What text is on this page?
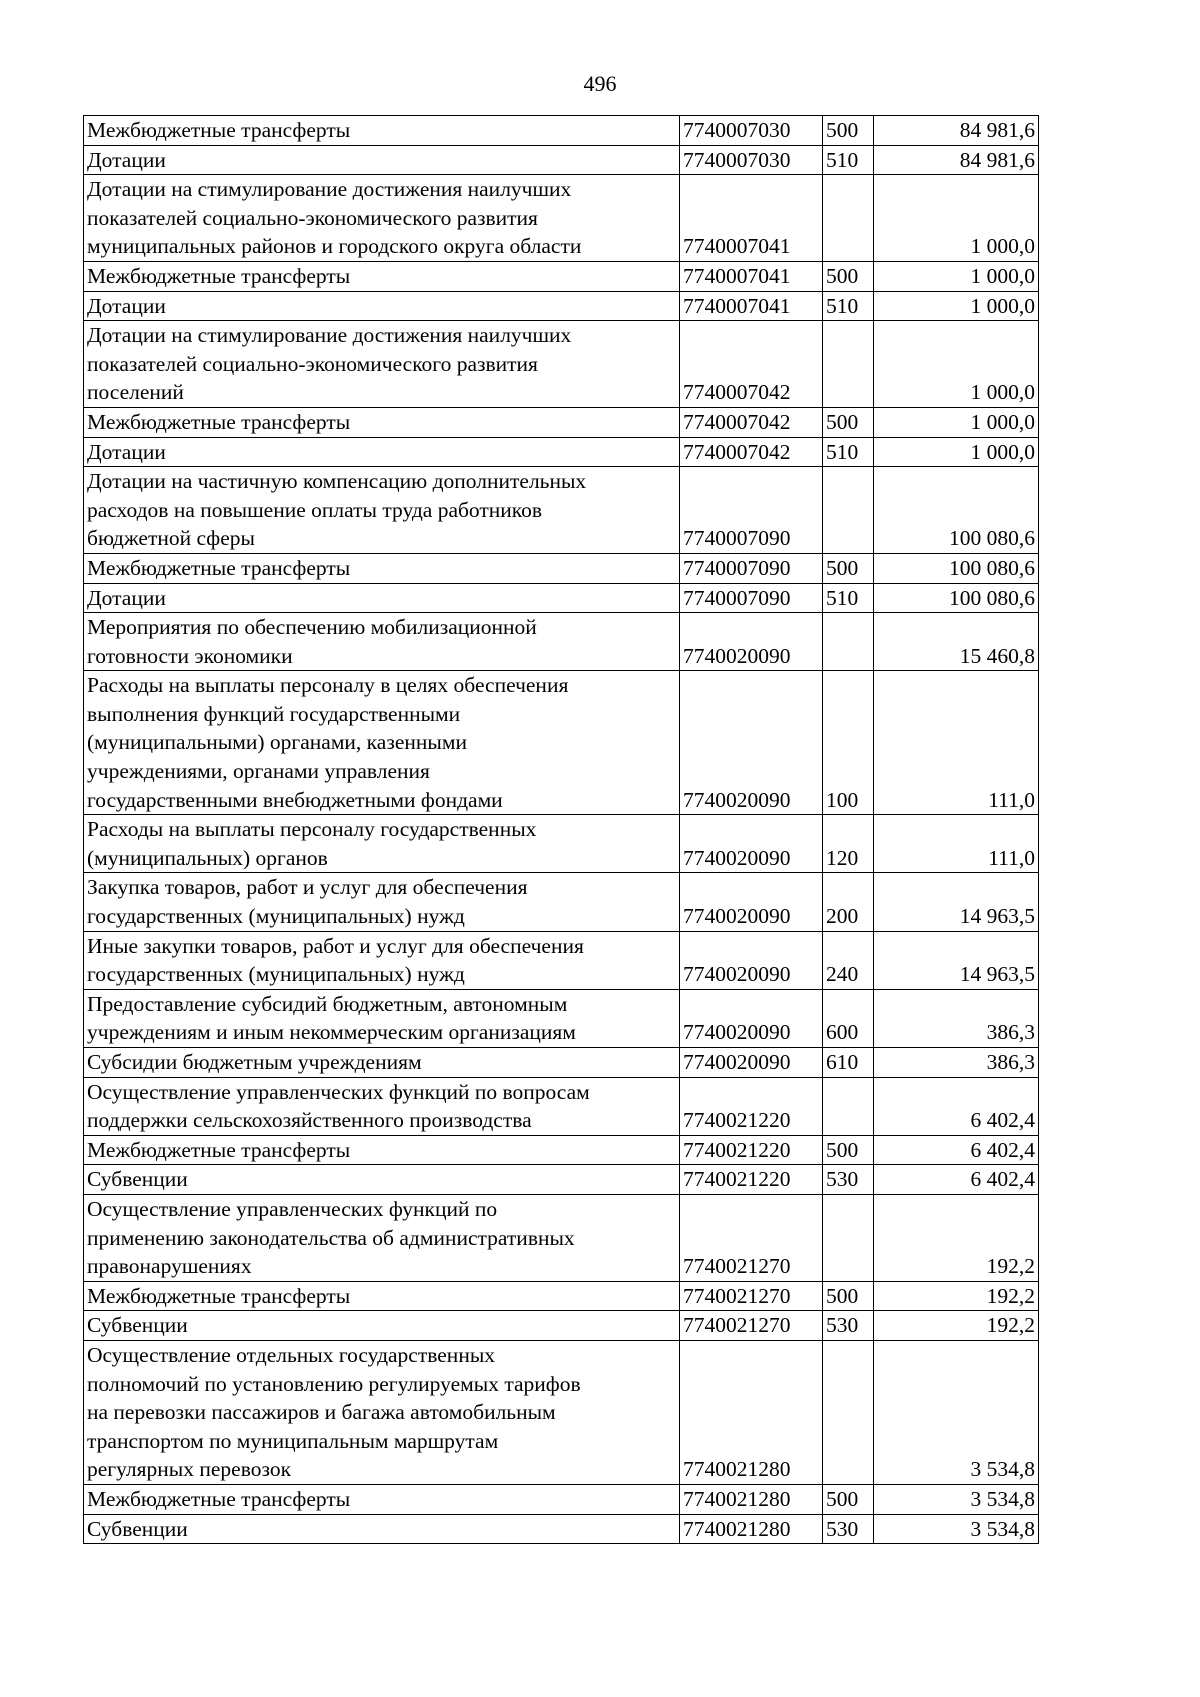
496
Межбюджетные трансферты	7740007030	500	84 981,6

Дотации	7740007030	510	84 981,6

Дотации на стимулирование достижения наилучших
показателей социально-экономического развития
муниципальных районов и городского округа области	7740007041		1 000,0

Межбюджетные трансферты	7740007041	500	1 000,0

Дотации	7740007041	510	1 000,0

Дотации на стимулирование достижения наилучших
показателей социально-экономического развития
поселений	7740007042		1 000,0

Межбюджетные трансферты	7740007042	500	1 000,0

Дотации	7740007042	510	1 000,0

Дотации на частичную компенсацию дополнительных
расходов на повышение оплаты труда работников
бюджетной сферы	7740007090		100 080,6

Межбюджетные трансферты	7740007090	500	100 080,6

Дотации	7740007090	510	100 080,6

Мероприятия по обеспечению мобилизационной
готовности экономики	7740020090		15 460,8

Расходы на выплаты персоналу в целях обеспечения
выполнения функций государственными
(муниципальными) органами, казенными
учреждениями, органами управления
государственными внебюджетными фондами	7740020090	100	111,0

Расходы на выплаты персоналу государственных
(муниципальных) органов	7740020090	120	111,0

Закупка товаров, работ и услуг для обеспечения
государственных (муниципальных) нужд	7740020090	200	14 963,5

Иные закупки товаров, работ и услуг для обеспечения
государственных (муниципальных) нужд	7740020090	240	14 963,5

Предоставление субсидий бюджетным, автономным
учреждениям и иным некоммерческим организациям	7740020090	600	386,3

Субсидии бюджетным учреждениям	7740020090	610	386,3

Осуществление управленческих функций по вопросам
поддержки сельскохозяйственного производства	7740021220		6 402,4

Межбюджетные трансферты	7740021220	500	6 402,4

Субвенции	7740021220	530	6 402,4

Осуществление управленческих функций по
применению законодательства об административных
правонарушениях	7740021270		192,2

Межбюджетные трансферты	7740021270	500	192,2

Субвенции	7740021270	530	192,2

Осуществление отдельных государственных
полномочий по установлению регулируемых тарифов
на перевозки пассажиров и багажа автомобильным
транспортом по муниципальным маршрутам
регулярных перевозок	7740021280		3 534,8

Межбюджетные трансферты	7740021280	500	3 534,8

Субвенции	7740021280	530	3 534,8
